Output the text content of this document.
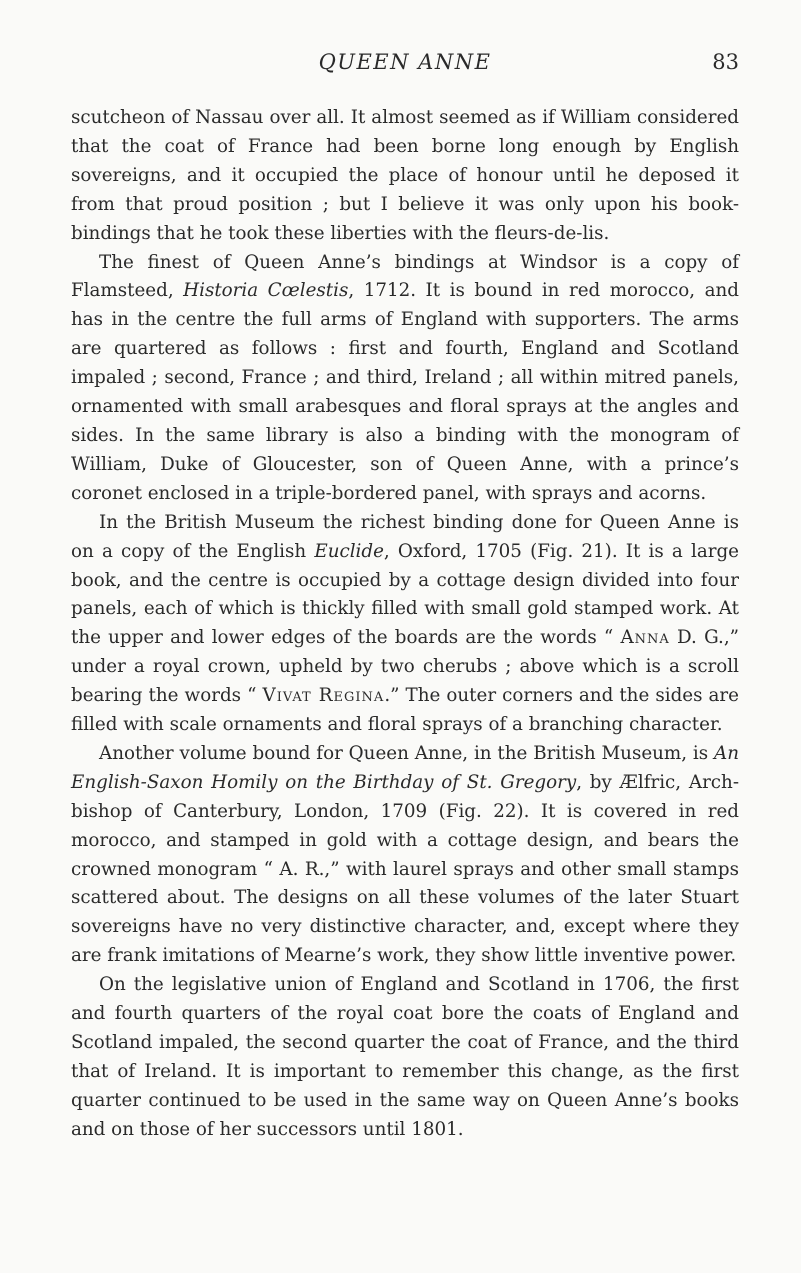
QUEEN ANNE	83

scutcheon of Nassau over all. It almost seemed as if William considered that the coat of France had been borne long enough by English sovereigns, and it occupied the place of honour until he deposed it from that proud position ; but I believe it was only upon his book-bindings that he took these liberties with the fleurs-de-lis.

The finest of Queen Anne’s bindings at Windsor is a copy of Flamsteed, Historia Cœlestis, 1712. It is bound in red morocco, and has in the centre the full arms of England with supporters. The arms are quartered as follows : first and fourth, England and Scotland impaled ; second, France ; and third, Ireland ; all within mitred panels, ornamented with small arabesques and floral sprays at the angles and sides. In the same library is also a binding with the monogram of William, Duke of Gloucester, son of Queen Anne, with a prince’s coronet enclosed in a triple-bordered panel, with sprays and acorns.

In the British Museum the richest binding done for Queen Anne is on a copy of the English Euclide, Oxford, 1705 (Fig. 21). It is a large book, and the centre is occupied by a cottage design divided into four panels, each of which is thickly filled with small gold stamped work. At the upper and lower edges of the boards are the words “ Anna D. G.,” under a royal crown, upheld by two cherubs ; above which is a scroll bearing the words “ Vivat Regina.” The outer corners and the sides are filled with scale ornaments and floral sprays of a branching character.

Another volume bound for Queen Anne, in the British Museum, is An English-Saxon Homily on the Birthday of St. Gregory, by Ælfric, Arch-bishop of Canterbury, London, 1709 (Fig. 22). It is covered in red morocco, and stamped in gold with a cottage design, and bears the crowned monogram “ A. R.,” with laurel sprays and other small stamps scattered about. The designs on all these volumes of the later Stuart sovereigns have no very distinctive character, and, except where they are frank imitations of Mearne’s work, they show little inventive power.

On the legislative union of England and Scotland in 1706, the first and fourth quarters of the royal coat bore the coats of England and Scotland impaled, the second quarter the coat of France, and the third that of Ireland. It is important to remember this change, as the first quarter continued to be used in the same way on Queen Anne’s books and on those of her successors until 1801.
